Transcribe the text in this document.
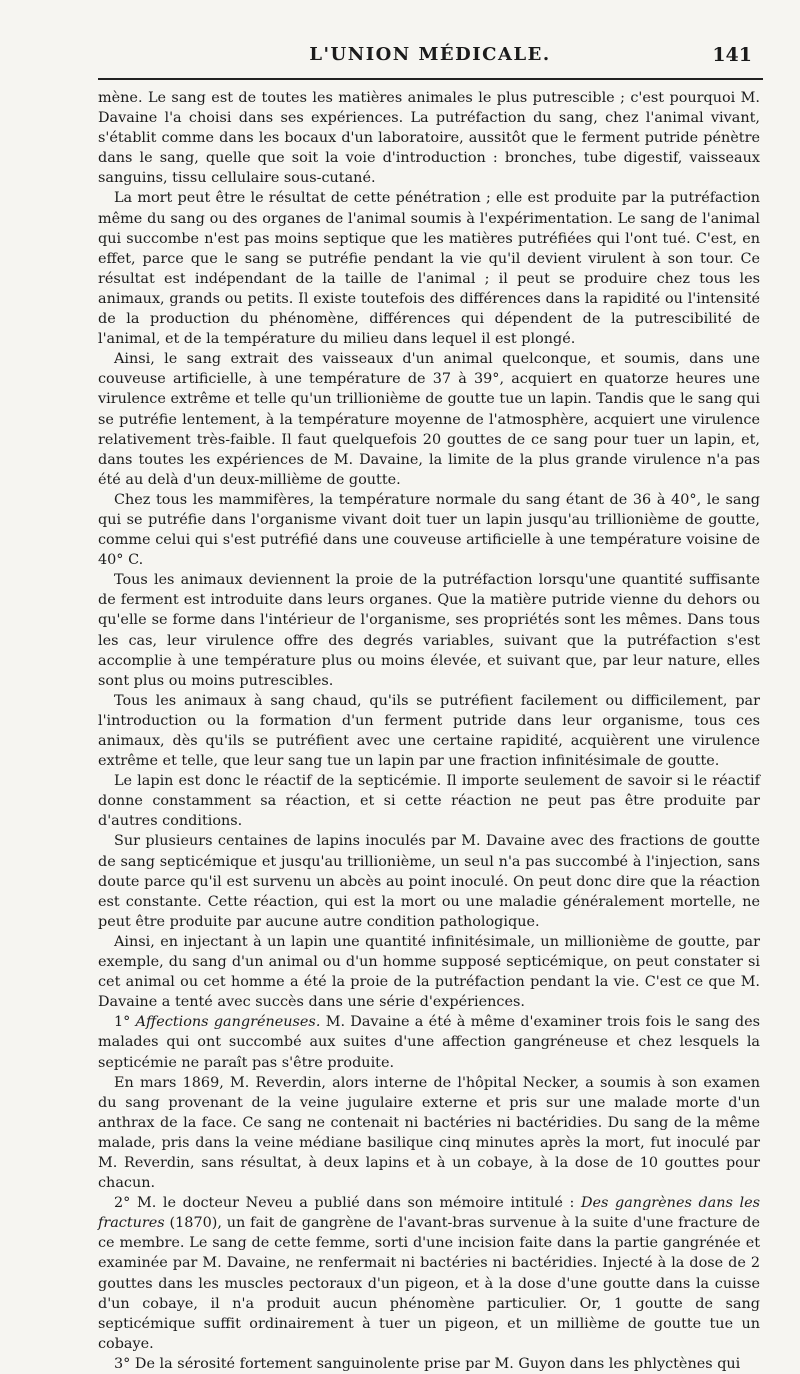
L'UNION MÉDICALE.	141

mène. Le sang est de toutes les matières animales le plus putrescible ; c'est pourquoi M. Davaine l'a choisi dans ses expériences. La putréfaction du sang, chez l'animal vivant, s'établit comme dans les bocaux d'un laboratoire, aussitôt que le ferment putride pénètre dans le sang, quelle que soit la voie d'introduction : bronches, tube digestif, vaisseaux sanguins, tissu cellulaire sous-cutané.

La mort peut être le résultat de cette pénétration ; elle est produite par la putréfaction même du sang ou des organes de l'animal soumis à l'expérimentation. Le sang de l'animal qui succombe n'est pas moins septique que les matières putréfiées qui l'ont tué. C'est, en effet, parce que le sang se putréfie pendant la vie qu'il devient virulent à son tour. Ce résultat est indépendant de la taille de l'animal ; il peut se produire chez tous les animaux, grands ou petits. Il existe toutefois des différences dans la rapidité ou l'intensité de la production du phénomène, différences qui dépendent de la putrescibilité de l'animal, et de la température du milieu dans lequel il est plongé.

Ainsi, le sang extrait des vaisseaux d'un animal quelconque, et soumis, dans une couveuse artificielle, à une température de 37 à 39°, acquiert en quatorze heures une virulence extrême et telle qu'un trillionième de goutte tue un lapin. Tandis que le sang qui se putréfie lentement, à la température moyenne de l'atmosphère, acquiert une virulence relativement très-faible. Il faut quelquefois 20 gouttes de ce sang pour tuer un lapin, et, dans toutes les expériences de M. Davaine, la limite de la plus grande virulence n'a pas été au delà d'un deux-millième de goutte.

Chez tous les mammifères, la température normale du sang étant de 36 à 40°, le sang qui se putréfie dans l'organisme vivant doit tuer un lapin jusqu'au trillionième de goutte, comme celui qui s'est putréfié dans une couveuse artificielle à une température voisine de 40° C.

Tous les animaux deviennent la proie de la putréfaction lorsqu'une quantité suffisante de ferment est introduite dans leurs organes. Que la matière putride vienne du dehors ou qu'elle se forme dans l'intérieur de l'organisme, ses propriétés sont les mêmes. Dans tous les cas, leur virulence offre des degrés variables, suivant que la putréfaction s'est accomplie à une température plus ou moins élevée, et suivant que, par leur nature, elles sont plus ou moins putrescibles.

Tous les animaux à sang chaud, qu'ils se putréfient facilement ou difficilement, par l'introduction ou la formation d'un ferment putride dans leur organisme, tous ces animaux, dès qu'ils se putréfient avec une certaine rapidité, acquièrent une virulence extrême et telle, que leur sang tue un lapin par une fraction infinitésimale de goutte.

Le lapin est donc le réactif de la septicémie. Il importe seulement de savoir si le réactif donne constamment sa réaction, et si cette réaction ne peut pas être produite par d'autres conditions.

Sur plusieurs centaines de lapins inoculés par M. Davaine avec des fractions de goutte de sang septicémique et jusqu'au trillionième, un seul n'a pas succombé à l'injection, sans doute parce qu'il est survenu un abcès au point inoculé. On peut donc dire que la réaction est constante. Cette réaction, qui est la mort ou une maladie généralement mortelle, ne peut être produite par aucune autre condition pathologique.

Ainsi, en injectant à un lapin une quantité infinitésimale, un millionième de goutte, par exemple, du sang d'un animal ou d'un homme supposé septicémique, on peut constater si cet animal ou cet homme a été la proie de la putréfaction pendant la vie. C'est ce que M. Davaine a tenté avec succès dans une série d'expériences.

1° Affections gangréneuses. M. Davaine a été à même d'examiner trois fois le sang des malades qui ont succombé aux suites d'une affection gangréneuse et chez lesquels la septicémie ne paraît pas s'être produite.

En mars 1869, M. Reverdin, alors interne de l'hôpital Necker, a soumis à son examen du sang provenant de la veine jugulaire externe et pris sur une malade morte d'un anthrax de la face. Ce sang ne contenait ni bactéries ni bactéridies. Du sang de la même malade, pris dans la veine médiane basilique cinq minutes après la mort, fut inoculé par M. Reverdin, sans résultat, à deux lapins et à un cobaye, à la dose de 10 gouttes pour chacun.

2° M. le docteur Neveu a publié dans son mémoire intitulé : Des gangrènes dans les fractures (1870), un fait de gangrène de l'avant-bras survenue à la suite d'une fracture de ce membre. Le sang de cette femme, sorti d'une incision faite dans la partie gangrénée et examinée par M. Davaine, ne renfermait ni bactéries ni bactéridies. Injecté à la dose de 2 gouttes dans les muscles pectoraux d'un pigeon, et à la dose d'une goutte dans la cuisse d'un cobaye, il n'a produit aucun phénomène particulier. Or, 1 goutte de sang septicémique suffit ordinairement à tuer un pigeon, et un millième de goutte tue un cobaye.

3° De la sérosité fortement sanguinolente prise par M. Guyon dans les phlyctènes qui
